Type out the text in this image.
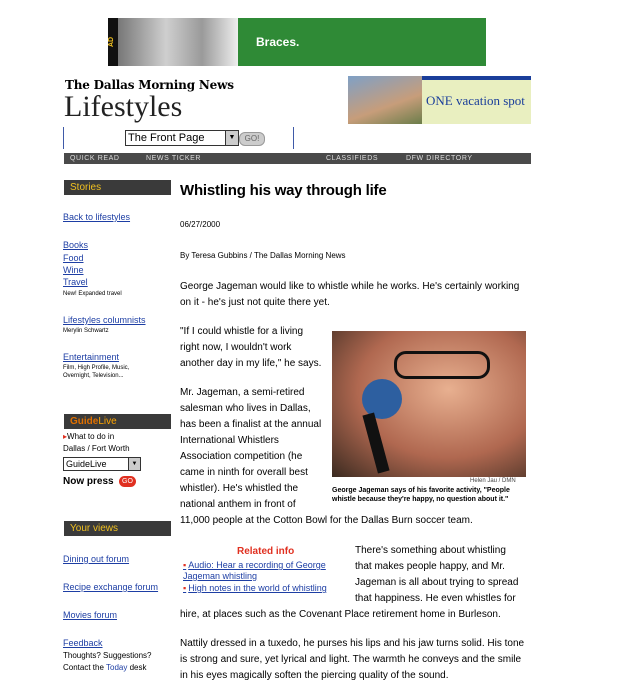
AD	Braces.
The Dallas Morning News
Lifestyles
The Front Page	▼	GO!
ONE vacation spot
QUICK READ	NEWS TICKER	CLASSIFIEDS	DFW DIRECTORY
Stories
Back to lifestyles
Books
Food
Wine
Travel
New! Expanded travel
Lifestyles columnists
Merylin Schwartz
Entertainment
Film, High Profile, Music,
Overnight, Television...
GuideLive
▸What to do in
Dallas / Fort Worth
GuideLive	▼
Now press	GO
Your views
Dining out forum
Recipe exchange forum
Movies forum
Feedback
Thoughts? Suggestions?
Contact the Today desk
Whistling his way through life
06/27/2000
By Teresa Gubbins / The Dallas Morning News
George Jageman would like to whistle while he works. He's certainly working
on it - he's just not quite there yet.
"If I could whistle for a living
right now, I wouldn't work
another day in my life," he says.
Mr. Jageman, a semi-retired
salesman who lives in Dallas,
has been a finalist at the annual
International Whistlers
Association competition (he
came in ninth for overall best
whistler). He's whistled the
national anthem in front of
11,000 people at the Cotton Bowl for the Dallas Burn soccer team.
Helen Jau / DMN
George Jageman says of his favorite activity, "People whistle because they're happy, no question about it."
Related info
▪ Audio: Hear a recording of George
Jageman whistling
▪ High notes in the world of whistling
There's something about whistling
that makes people happy, and Mr.
Jageman is all about trying to spread
that happiness. He even whistles for
hire, at places such as the Covenant Place retirement home in Burleson.
Nattily dressed in a tuxedo, he purses his lips and his jaw turns solid. His tone
is strong and sure, yet lyrical and light. The warmth he conveys and the smile
in his eyes magically soften the piercing quality of the sound.
